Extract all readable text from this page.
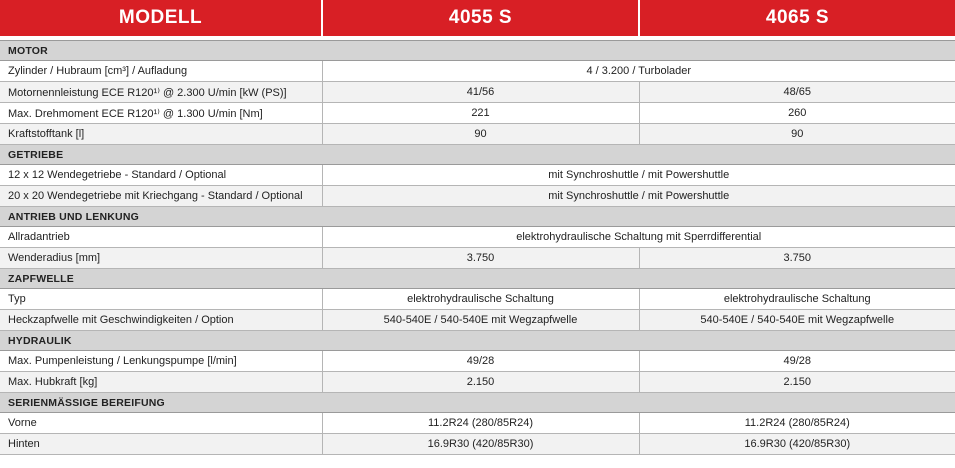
MODELL	4055 S	4065 S

MOTOR		
Zylinder / Hubraum [cm³] / Aufladung	4 / 3.200 / Turbolader	
Motornennleistung ECE R120¹⁾ @ 2.300 U/min [kW (PS)]	41/56	48/65
Max. Drehmoment ECE R120¹⁾ @ 1.300 U/min [Nm]	221	260
Kraftstofftank [l]	90	90
GETRIEBE		
12 x 12 Wendegetriebe - Standard / Optional	mit Synchroshuttle / mit Powershuttle	
20 x 20 Wendegetriebe mit Kriechgang - Standard / Optional	mit Synchroshuttle / mit Powershuttle	
ANTRIEB UND LENKUNG		
Allradantrieb	elektrohydraulische Schaltung mit Sperrdifferential	
Wenderadius [mm]	3.750	3.750
ZAPFWELLE		
Typ	elektrohydraulische Schaltung	elektrohydraulische Schaltung
Heckzapfwelle mit Geschwindigkeiten / Option	540-540E / 540-540E mit Wegzapfwelle	540-540E / 540-540E mit Wegzapfwelle
HYDRAULIK		
Max. Pumpenleistung / Lenkungspumpe [l/min]	49/28	49/28
Max. Hubkraft [kg]	2.150	2.150
SERIENMÄSSIGE BEREIFUNG		
Vorne	11.2R24 (280/85R24)	11.2R24 (280/85R24)
Hinten	16.9R30 (420/85R30)	16.9R30 (420/85R30)
